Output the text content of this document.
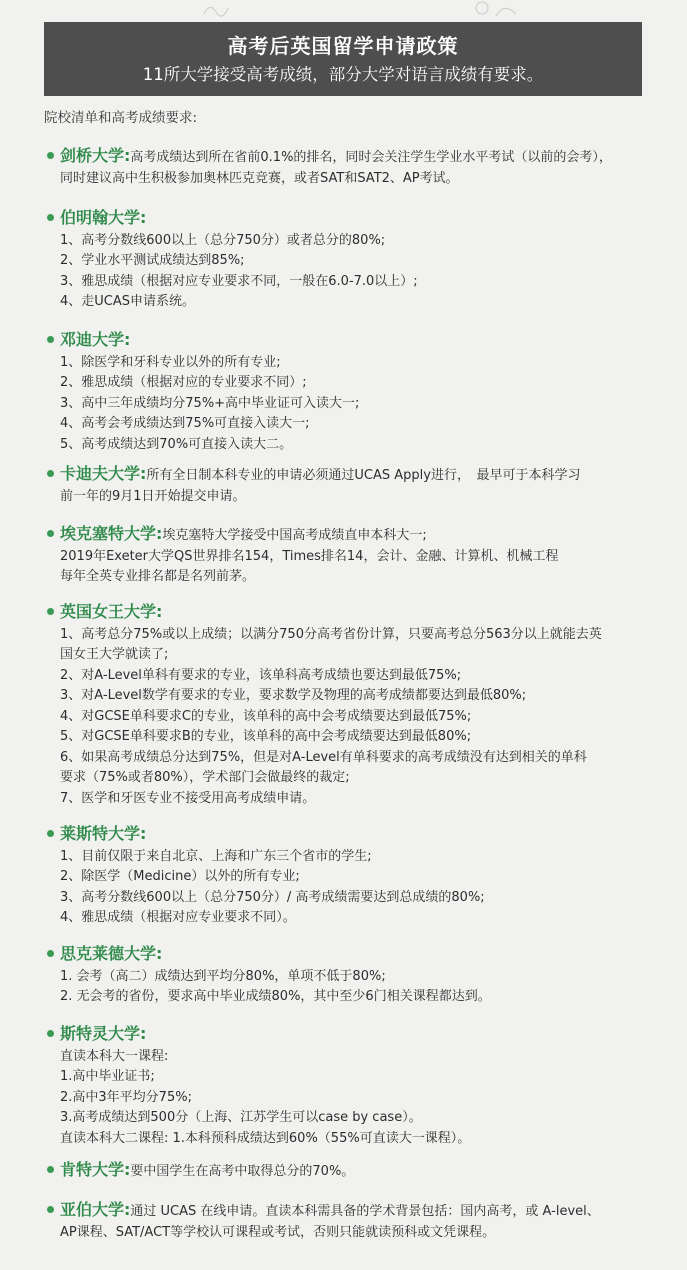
高考后英国留学申请政策
11所大学接受高考成绩，部分大学对语言成绩有要求。
院校清单和高考成绩要求:
剑桥大学:高考成绩达到所在省前0.1%的排名，同时会关注学生学业水平考试（以前的会考），
同时建议高中生积极参加奥林匹克竞赛，或者SAT和SAT2、AP考试。
伯明翰大学:
1、高考分数线600以上（总分750分）或者总分的80%;
2、学业水平测试成绩达到85%;
3、雅思成绩（根据对应专业要求不同，一般在6.0-7.0以上）;
4、走UCAS申请系统。
邓迪大学:
1、除医学和牙科专业以外的所有专业;
2、雅思成绩（根据对应的专业要求不同）;
3、高中三年成绩均分75%+高中毕业证可入读大一;
4、高考会考成绩达到75%可直接入读大一;
5、高考成绩达到70%可直接入读大二。
卡迪夫大学:所有全日制本科专业的申请必须通过UCAS Apply进行，　最早可于本科学习
前一年的9月1日开始提交申请。
埃克塞特大学:埃克塞特大学接受中国高考成绩直申本科大一;
2019年Exeter大学QS世界排名154，Times排名14，会计、金融、计算机、机械工程
每年全英专业排名都是名列前茅。
英国女王大学:
1、高考总分75%或以上成绩；以满分750分高考省份计算，只要高考总分563分以上就能去英
国女王大学就读了;
2、对A-Level单科有要求的专业，该单科高考成绩也要达到最低75%;
3、对A-Level数学有要求的专业，要求数学及物理的高考成绩都要达到最低80%;
4、对GCSE单科要求C的专业，该单科的高中会考成绩要达到最低75%;
5、对GCSE单科要求B的专业，该单科的高中会考成绩要达到最低80%;
6、如果高考成绩总分达到75%，但是对A-Level有单科要求的高考成绩没有达到相关的单科
要求（75%或者80%），学术部门会做最终的裁定;
7、医学和牙医专业不接受用高考成绩申请。
莱斯特大学:
1、目前仅限于来自北京、上海和广东三个省市的学生;
2、除医学（Medicine）以外的所有专业;
3、高考分数线600以上（总分750分）/ 高考成绩需要达到总成绩的80%;
4、雅思成绩（根据对应专业要求不同）。
思克莱德大学:
1. 会考（高二）成绩达到平均分80%，单项不低于80%;
2. 无会考的省份，要求高中毕业成绩80%，其中至少6门相关课程都达到。
斯特灵大学:
直读本科大一课程:
1.高中毕业证书;
2.高中3年平均分75%;
3.高考成绩达到500分（上海、江苏学生可以case by case）。
直读本科大二课程: 1.本科预科成绩达到60%（55%可直读大一课程）。
肯特大学:要中国学生在高考中取得总分的70%。
亚伯大学:通过 UCAS 在线申请。直读本科需具备的学术背景包括：国内高考，或 A-level、
AP课程、SAT/ACT等学校认可课程或考试，否则只能就读预科或文凭课程。
